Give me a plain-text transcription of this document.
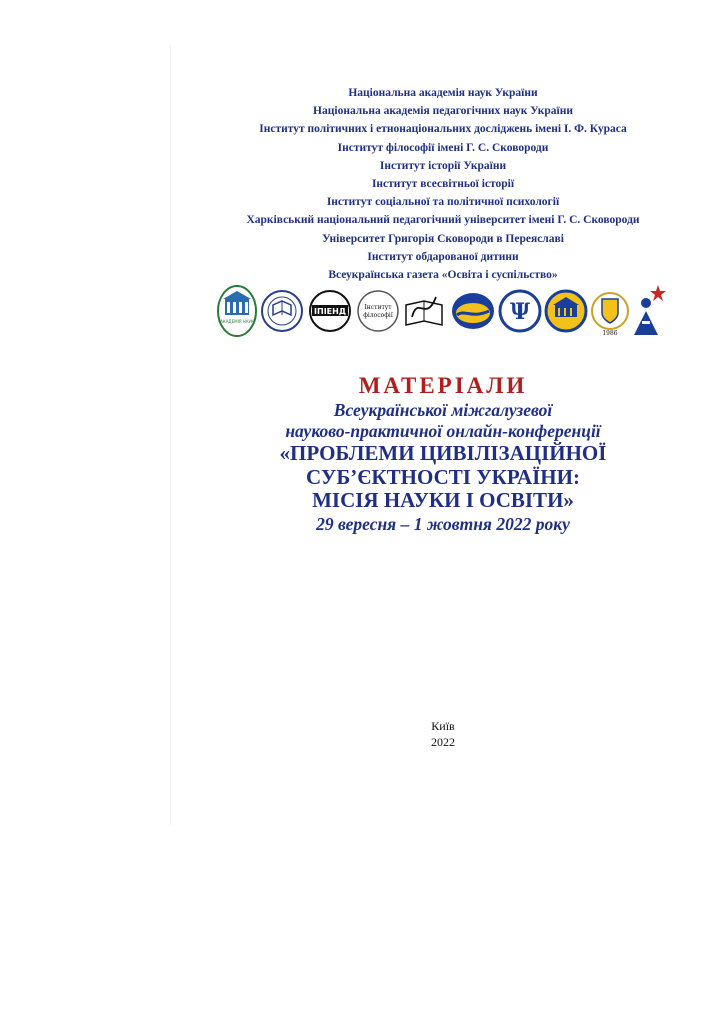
Національна академія наук України
Національна академія педагогічних наук України
Інститут політичних і етнонаціональних досліджень імені І. Ф. Кураса
Інститут філософії імені Г. С. Сковороди
Інститут історії України
Інститут всесвітньої історії
Інститут соціальної та політичної психології
Харківський національний педагогічний університет імені Г. С. Сковороди
Університет Григорія Сковороди в Переяславі
Інститут обдарованої дитини
Всеукраїнська газета «Освіта і суспільство»
АКАДЕМІЯ НАУК
ІПІЕНД	Інститут
філософії	Ψ
1986
МАТЕРІАЛИ
Всеукраїнської міжгалузевої
науково-практичної онлайн-конференції
«ПРОБЛЕМИ ЦИВІЛІЗАЦІЙНОЇ
СУБ’ЄКТНОСТІ УКРАЇНИ:
МІСІЯ НАУКИ І ОСВІТИ»
29 вересня – 1 жовтня 2022 року
Київ
2022
